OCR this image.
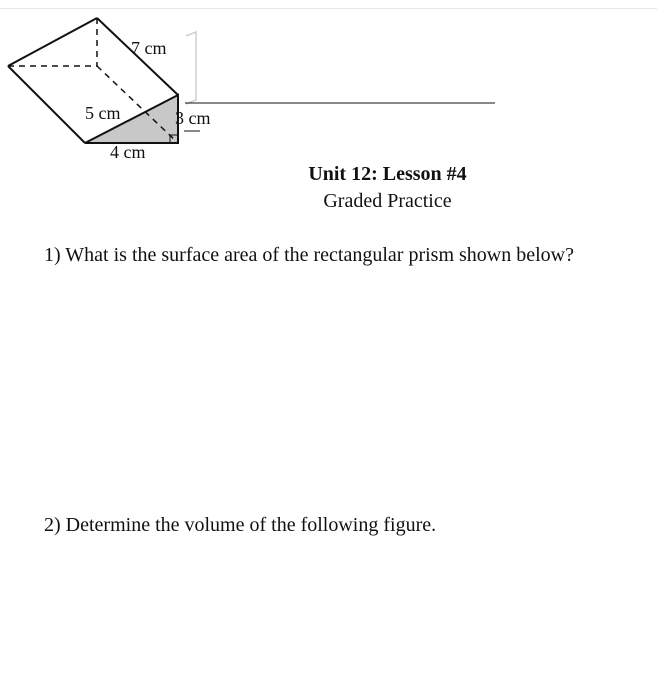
7 cm
5 cm	3 cm
4 cm
Unit 12: Lesson #4
Graded Practice
1) What is the surface area of the rectangular prism shown below?
2) Determine the volume of the following figure.
